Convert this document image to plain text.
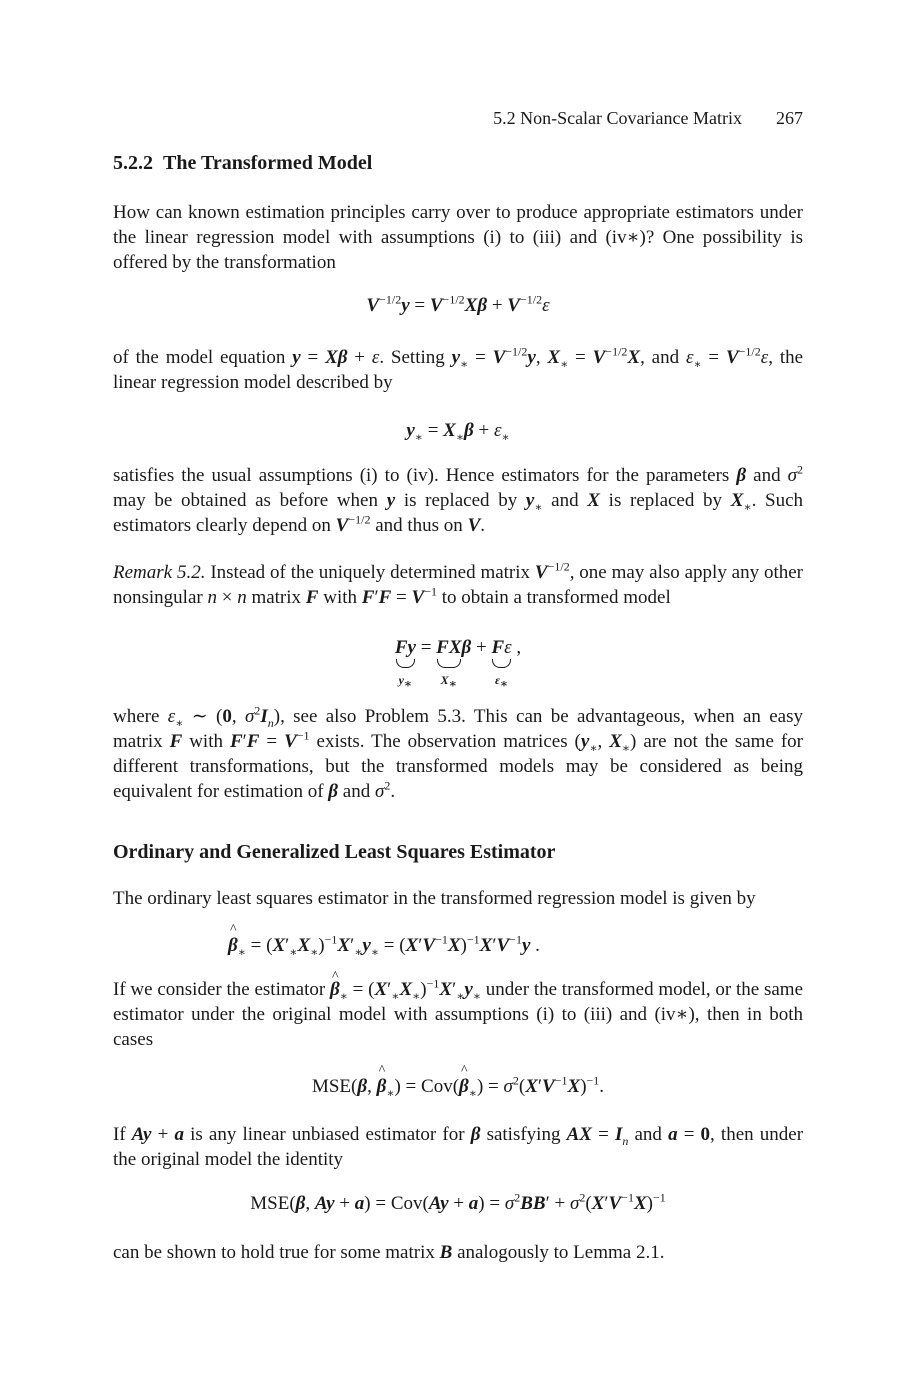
5.2 Non-Scalar Covariance Matrix 267
5.2.2 The Transformed Model

How can known estimation principles carry over to produce appropriate estimators under the linear regression model with assumptions (i) to (iii) and (iv∗)? One possibility is offered by the transformation

$V^{-1/2}y = V^{-1/2}X\beta + V^{-1/2}\varepsilon$

of the model equation y = Xβ + ε. Setting $y_∗ = V^{-1/2}y$, $X_∗ = V^{-1/2}X$, and $\varepsilon_∗ = V^{-1/2}\varepsilon$, the linear regression model described by

$y_∗ = X_∗\beta + \varepsilon_∗$

satisfies the usual assumptions (i) to (iv). Hence estimators for the parameters β and $\sigma^2$ may be obtained as before when y is replaced by $y_∗$ and X is replaced by $X_∗$. Such estimators clearly depend on $V^{-1/2}$ and thus on V.

Remark 5.2. Instead of the uniquely determined matrix $V^{-1/2}$, one may also apply any other nonsingular n × n matrix F with $F'F = V^{-1}$ to obtain a transformed model

Fy
$y_∗$
= FX
$X_∗$
β + Fε
$\varepsilon_∗$
,

where $\varepsilon_∗$ ∼ (0, $\sigma^2I_n$), see also Problem 5.3. This can be advantageous, when an easy matrix F with $F'F = V^{-1}$ exists. The observation matrices ($y_∗$, $X_∗$) are not the same for different transformations, but the transformed models may be considered as being equivalent for estimation of β and $\sigma^2$.

Ordinary and Generalized Least Squares Estimator

The ordinary least squares estimator in the transformed regression model is given by

^ $\beta_∗ = (X'_∗X_∗)^{-1}X'_∗y_∗ = (X'V^{-1}X)^{-1}X'V^{-1}y$ .

If we consider the estimator ^ $\beta_∗ = (X'_∗X_∗)^{-1}X'_∗y_∗$ under the transformed model, or the same estimator under the original model with assumptions (i) to (iii) and (iv∗), then in both cases

MSE(β, ^ $\beta_∗$) = Cov(^ $\beta_∗) = \sigma^2(X'V^{-1}X)^{-1}$.

If Ay + a is any linear unbiased estimator for β satisfying AX = $I_n$ and a = 0, then under the original model the identity

MSE(β, $Ay + a) = Cov(Ay + a) = \sigma^2BB' + \sigma^2(X'V^{-1}X)^{-1}$

can be shown to hold true for some matrix B analogously to Lemma 2.1.
